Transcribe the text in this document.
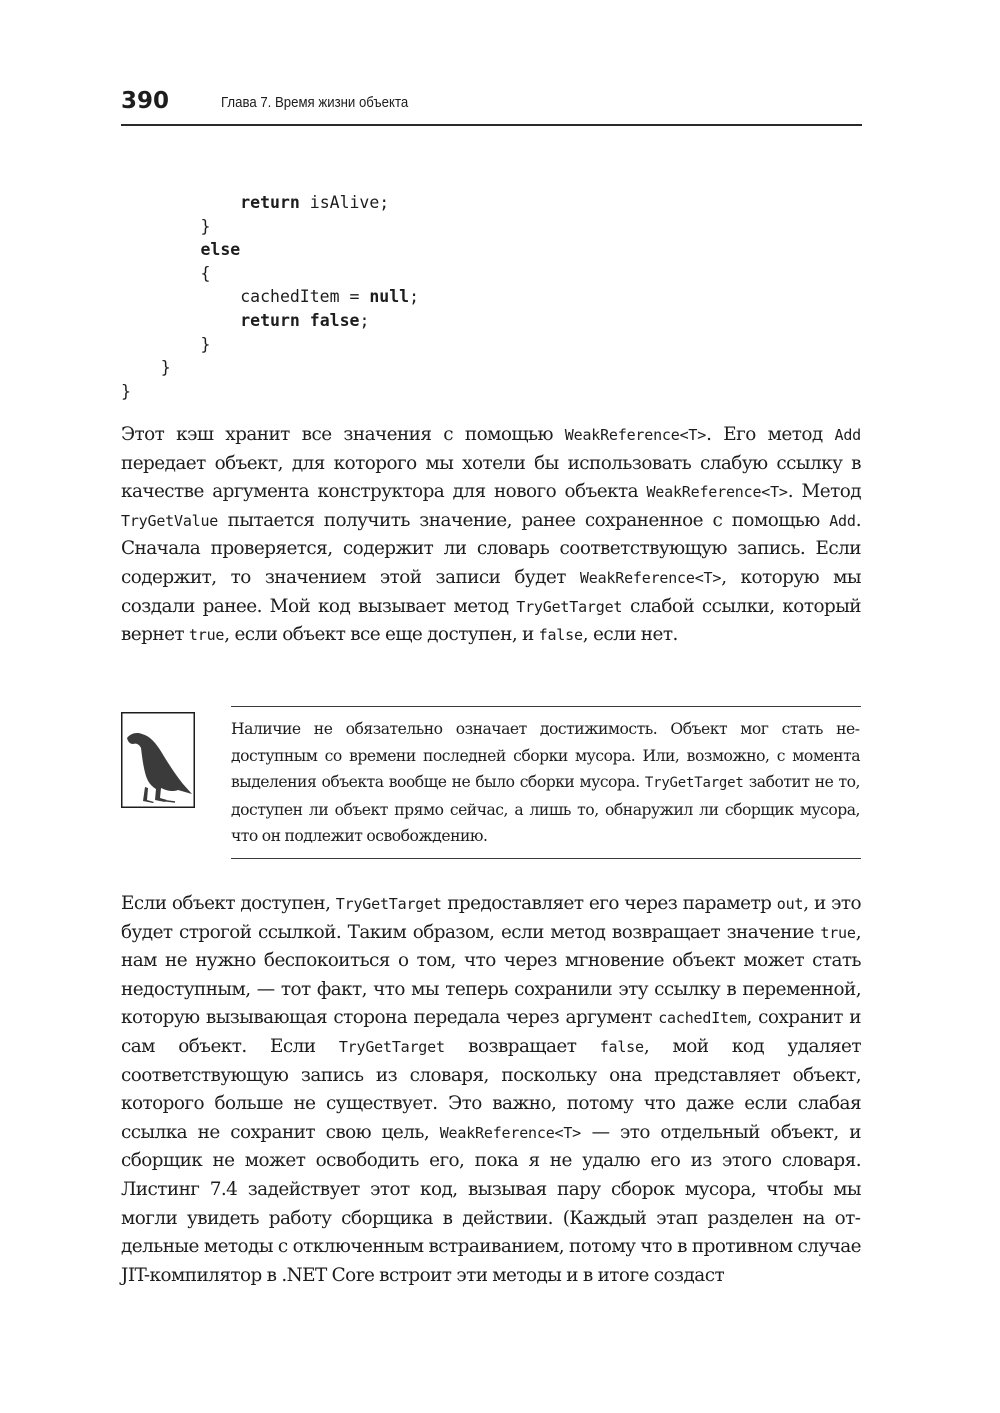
390	Глава 7. Время жизни объекта
return isAlive;
}
else
{
cachedItem = null;
return false;
}
}
}

Этот кэш хранит все значения с помощью WeakReference<T>. Его метод Add передает объект, для которого мы хотели бы использовать слабую ссылку в качестве аргумента конструктора для нового объекта WeakReference<T>. Метод TryGetValue пытается получить значение, ранее сохраненное с помощью Add. Сначала проверяется, содержит ли словарь соответствующую запись. Если содержит, то значением этой записи будет WeakReference<T>, которую мы создали ранее. Мой код вызывает метод TryGetTarget слабой ссылки, который вернет true, если объект все еще доступен, и false, если нет.

Наличие не обязательно означает достижимость. Объект мог стать недоступным со времени последней сборки мусора. Или, возможно, с момента выделения объекта вообще не было сборки мусора. TryGetTarget заботит не то, доступен ли объект прямо сейчас, а лишь то, обнаружил ли сборщик мусора, что он подлежит освобождению.

Если объект доступен, TryGetTarget предоставляет его через параметр out, и это будет строгой ссылкой. Таким образом, если метод возвращает значение true, нам не нужно беспокоиться о том, что через мгновение объект может стать недоступным, — тот факт, что мы теперь сохранили эту ссылку в переменной, которую вызывающая сторона передала через аргумент cachedItem, сохранит и сам объект. Если TryGetTarget возвращает false, мой код удаляет соответствующую запись из словаря, поскольку она представляет объект, которого больше не существует. Это важно, потому что даже если слабая ссылка не сохранит свою цель, WeakReference<T> — это отдельный объект, и сборщик не может освободить его, пока я не удалю его из этого словаря. Листинг 7.4 задействует этот код, вызывая пару сборок мусора, чтобы мы могли увидеть работу сборщика в действии. (Каждый этап разделен на отдельные методы с отключенным встраиванием, потому что в противном случае JIT-компилятор в .NET Core встроит эти методы и в итоге создаст
